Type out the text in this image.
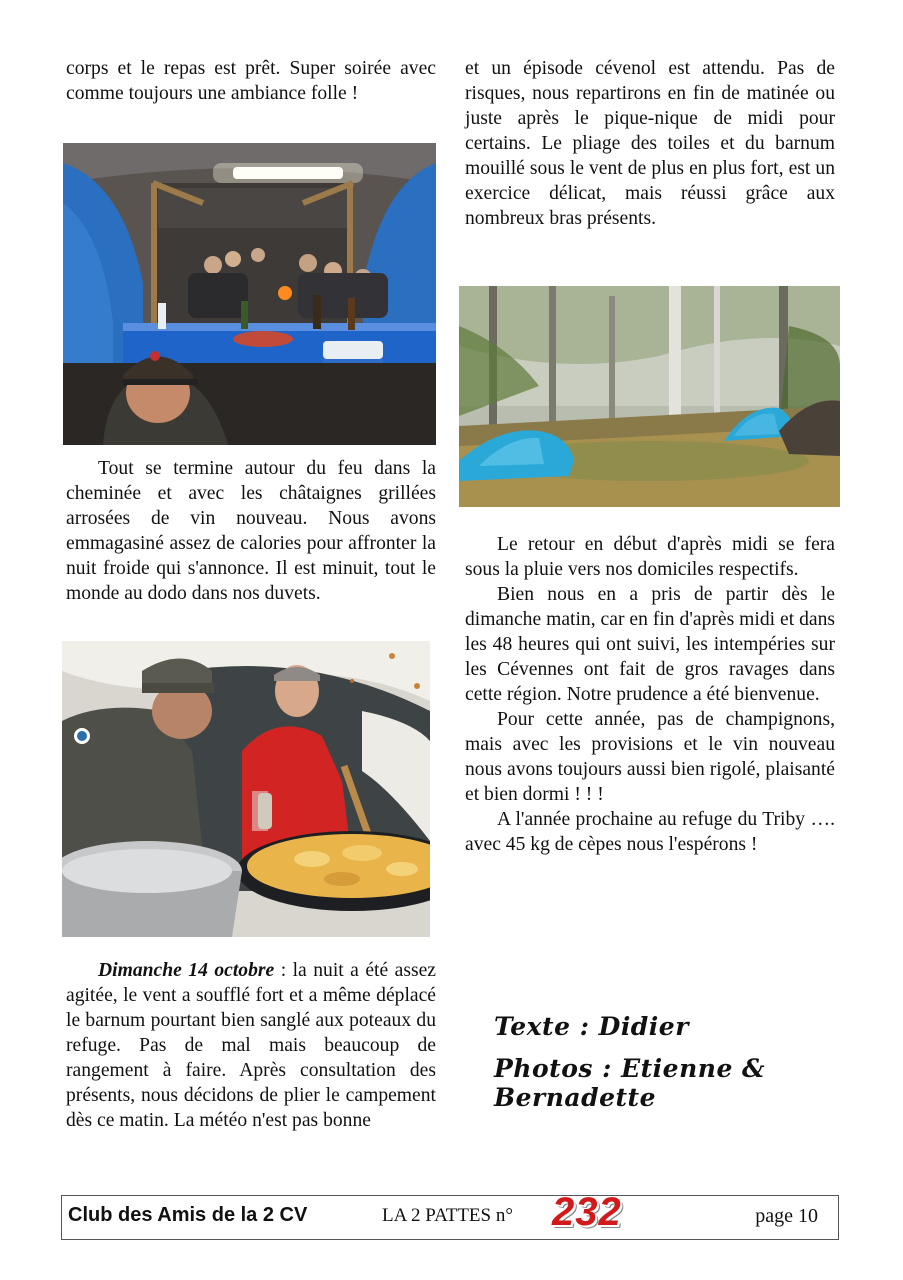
corps et le repas est prêt. Super soirée avec comme toujours une ambiance folle !

Tout se termine autour du feu dans la cheminée et avec les châtaignes grillées arrosées de vin nouveau. Nous avons emmagasiné assez de calories pour affronter la nuit froide qui s'annonce. Il est minuit, tout le monde au dodo dans nos duvets.

Dimanche 14 octobre : la nuit a été assez agitée, le vent a soufflé fort et a même déplacé le barnum pourtant bien sanglé aux poteaux du refuge. Pas de mal mais beaucoup de rangement à faire. Après consultation des présents, nous décidons de plier le campement dès ce matin. La météo n'est pas bonne

et un épisode cévenol est attendu. Pas de risques, nous repartirons en fin de matinée ou juste après le pique-nique de midi pour certains. Le pliage des toiles et du barnum mouillé sous le vent de plus en plus fort, est un exercice délicat, mais réussi grâce aux nombreux bras présents.

Le retour en début d'après midi se fera sous la pluie vers nos domiciles respectifs.

Bien nous en a pris de partir dès le dimanche matin, car en fin d'après midi et dans les 48 heures qui ont suivi, les intempéries sur les Cévennes ont fait de gros ravages dans cette région. Notre prudence a été bienvenue.

Pour cette année, pas de champignons, mais avec les provisions et le vin nouveau nous avons toujours aussi bien rigolé, plaisanté et bien dormi ! ! !

A l'année prochaine au refuge du Triby …. avec 45 kg de cèpes nous l'espérons !

Texte : Didier
Photos : Etienne & Bernadette
Club des Amis de la 2 CV	LA 2 PATTES n° 232	page 10
